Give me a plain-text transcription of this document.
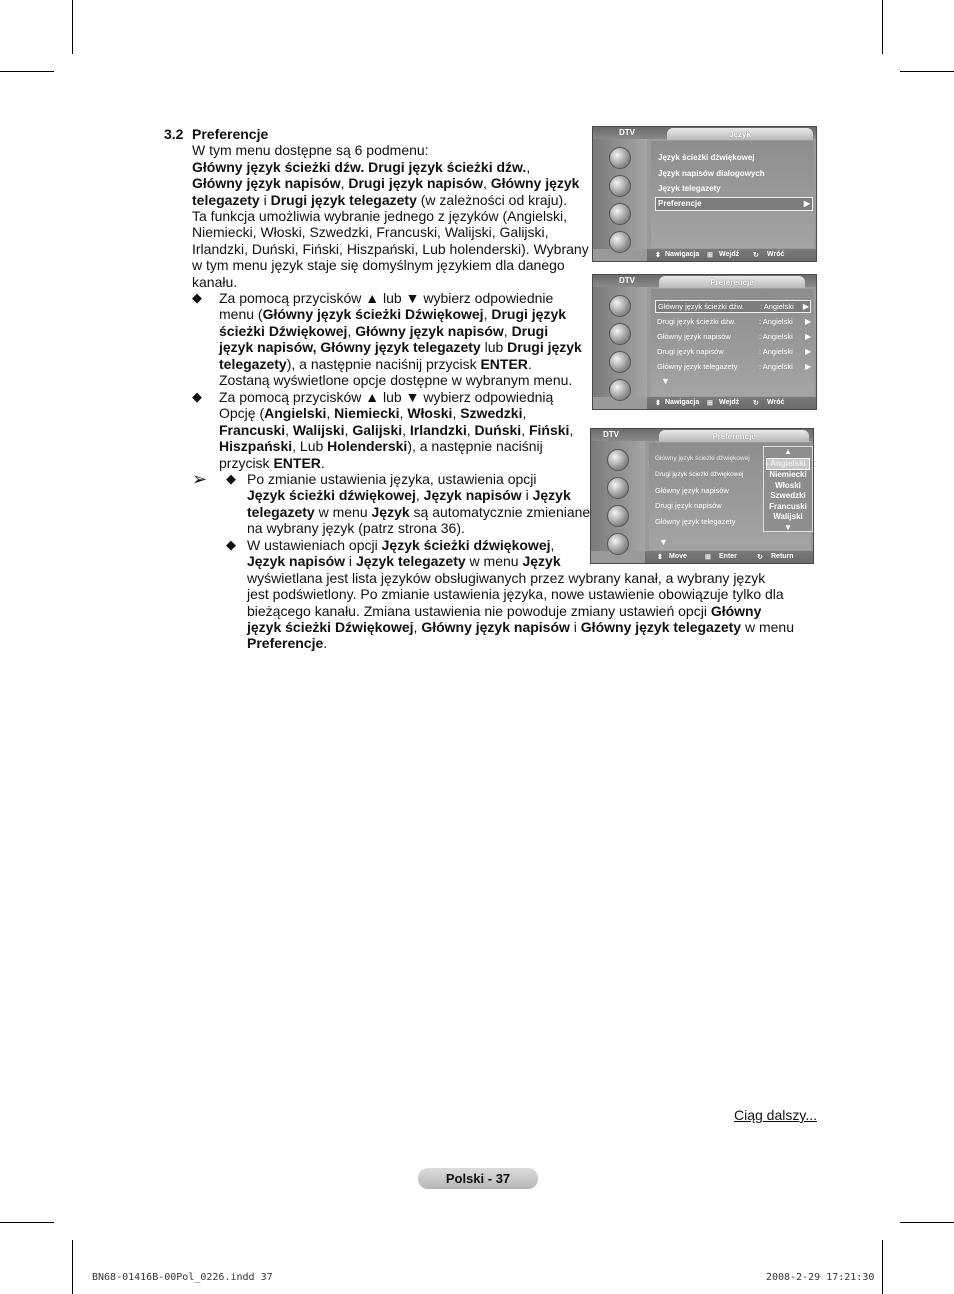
3.2 Preferencje
W tym menu dostępne są 6 podmenu:
Główny język ścieżki dźw. Drugi język ścieżki dźw.,
Główny język napisów, Drugi język napisów, Główny język
telegazety i Drugi język telegazety (w zależności od kraju).
Ta funkcja umożliwia wybranie jednego z języków (Angielski,
Niemiecki, Włoski, Szwedzki, Francuski, Walijski, Galijski,
Irlandzki, Duński, Fiński, Hiszpański, Lub holenderski). Wybrany
w tym menu język staje się domyślnym językiem dla danego
kanału.
◆ Za pomocą przycisków ▲ lub ▼ wybierz odpowiednie
menu (Główny język ścieżki Dźwiękowej, Drugi język
ścieżki Dźwiękowej, Główny język napisów, Drugi
język napisów, Główny język telegazety lub Drugi język
telegazety), a następnie naciśnij przycisk ENTER.
Zostaną wyświetlone opcje dostępne w wybranym menu.
◆ Za pomocą przycisków ▲ lub ▼ wybierz odpowiednią
Opcję (Angielski, Niemiecki, Włoski, Szwedzki,
Francuski, Walijski, Galijski, Irlandzki, Duński, Fiński,
Hiszpański, Lub Holenderski), a następnie naciśnij
przycisk ENTER.
➢ ◆ Po zmianie ustawienia języka, ustawienia opcji
Język ścieżki dźwiękowej, Język napisów i Język
telegazety w menu Język są automatycznie zmieniane
na wybrany język (patrz strona 36).
◆ W ustawieniach opcji Język ścieżki dźwiękowej,
Język napisów i Język telegazety w menu Język
wyświetlana jest lista języków obsługiwanych przez wybrany kanał, a wybrany język
jest podświetlony. Po zmianie ustawienia języka, nowe ustawienie obowiązuje tylko dla
bieżącego kanału. Zmiana ustawienia nie powoduje zmiany ustawień opcji Główny
język ścieżki Dźwiękowej, Główny język napisów i Główny język telegazety w menu
Preferencje.
DTV	Język
Język ścieżki dźwiękowej
Język napisów dialogowych
Język telegazety
Preferencje	▶
⬍ Nawigacja ⊞ Wejdź ↻ Wróć
DTV	Preferencje
Główny język ścieżki dźw. : Angielski ▶
Drugi język ścieżki dźw.	: Angielski ▶
Główny język napisów	: Angielski ▶
Drugi język napisów	: Angielski ▶
Główny język telegazety	: Angielski ▶
▼
⬍ Nawigacja ⊞ Wejdź ↻ Wróć
DTV	Preferencje
Główny język ścieżki dźwiękowej
Drugi język ścieżki dźwiękowej
Główny język napisów
Drugi język napisów
Główny język telegazety
▼
▲
Angielski
Niemiecki
Włoski
Szwedzki
Francuski
Walijski
▼
⬍ Move	⊞ Enter	↻ Return
Ciąg dalszy...
Polski - 37
BN68-01416B-00Pol_0226.indd 37	2008-2-29 17:21:30
